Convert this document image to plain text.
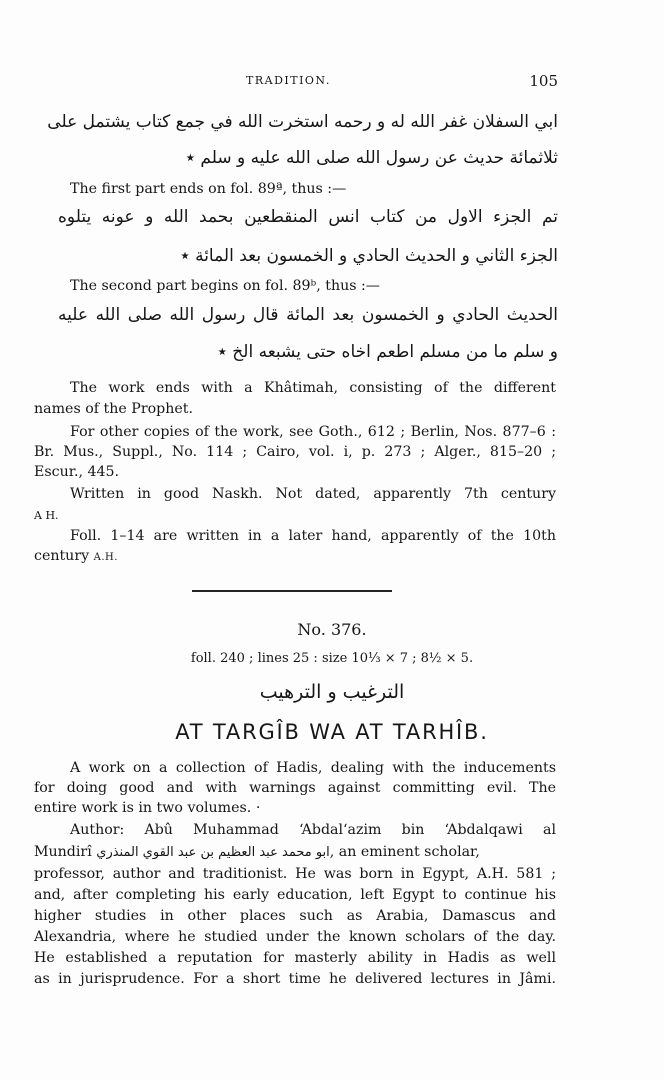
TRADITION.	105
ابي السفلان غفر الله له و رحمه استخرت الله في جمع كتاب يشتمل على
ثلاثمائة حديث عن رسول الله صلى الله عليه و سلم ٭
The first part ends on fol. 89ª, thus :—
تم الجزء الاول من كتاب انس المنقطعين بحمد الله و عونه يتلوه
الجزء الثاني و الحديث الحادي و الخمسون بعد المائة ٭
The second part begins on fol. 89ᵇ, thus :—
الحديث الحادي و الخمسون بعد المائة قال رسول الله صلى الله عليه
و سلم ما من مسلم اطعم اخاه حتى يشبعه الخ ٭
The work ends with a Khâtimah, consisting of the different
names of the Prophet.
For other copies of the work, see Goth., 612 ; Berlin, Nos. 877–6 :
Br. Mus., Suppl., No. 114 ; Cairo, vol. i, p. 273 ; Alger., 815–20 ;
Escur., 445.
Written in good Naskh. Not dated, apparently 7th century
A H.
Foll. 1–14 are written in a later hand, apparently of the 10th
century A.H.
No. 376.
foll. 240 ; lines 25 : size 10⅓ × 7 ; 8½ × 5.
الترغيب و الترهيب
AT TARGÎB WA AT TARHÎB.
A work on a collection of Hadis, dealing with the inducements
for doing good and with warnings against committing evil. The
entire work is in two volumes. ·
Author: Abû Muhammad ‘Abdal‘azim bin ‘Abdalqawi al
Mundirî ابو محمد عبد العظيم بن عبد القوي المنذري, an eminent scholar,
professor, author and traditionist. He was born in Egypt, A.H. 581 ;
and, after completing his early education, left Egypt to continue his
higher studies in other places such as Arabia, Damascus and
Alexandria, where he studied under the known scholars of the day.
He established a reputation for masterly ability in Hadis as well
as in jurisprudence. For a short time he delivered lectures in Jâmi.
